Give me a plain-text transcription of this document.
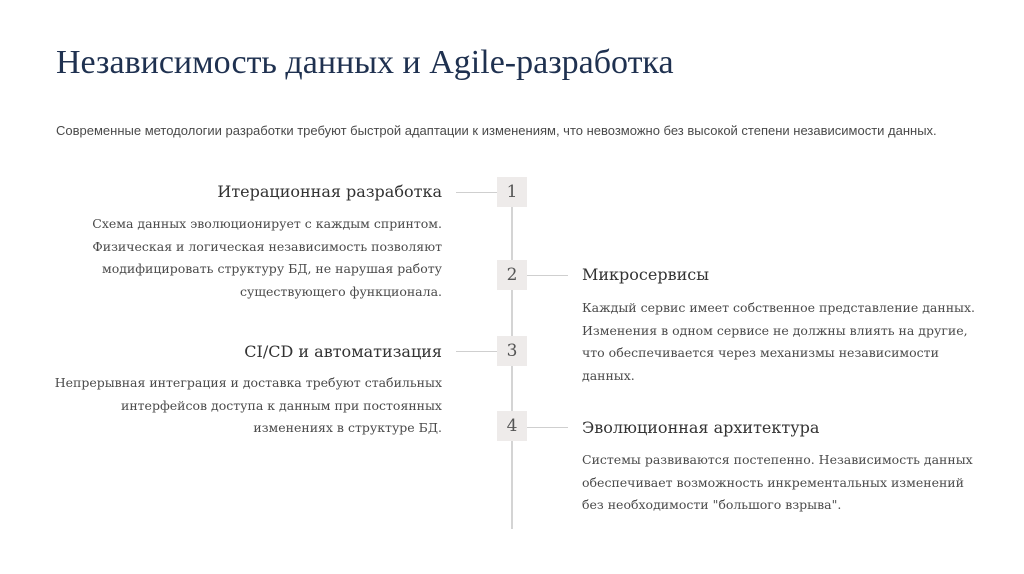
Независимость данных и Agile-разработка

Современные методологии разработки требуют быстрой адаптации к изменениям, что невозможно без высокой степени независимости данных.

1
Итерационная разработка

Схема данных эволюционирует с каждым спринтом. Физическая и логическая независимость позволяют модифицировать структуру БД, не нарушая работу существующего функционала.

2	Микросервисы

Каждый сервис имеет собственное представление данных. Изменения в одном сервисе не должны влиять на другие, что обеспечивается через механизмы независимости данных.

3
CI/CD и автоматизация

Непрерывная интеграция и доставка требуют стабильных интерфейсов доступа к данным при постоянных изменениях в структуре БД.	4	Эволюционная архитектура

Системы развиваются постепенно. Независимость данных обеспечивает возможность инкрементальных изменений без необходимости "большого взрыва".
